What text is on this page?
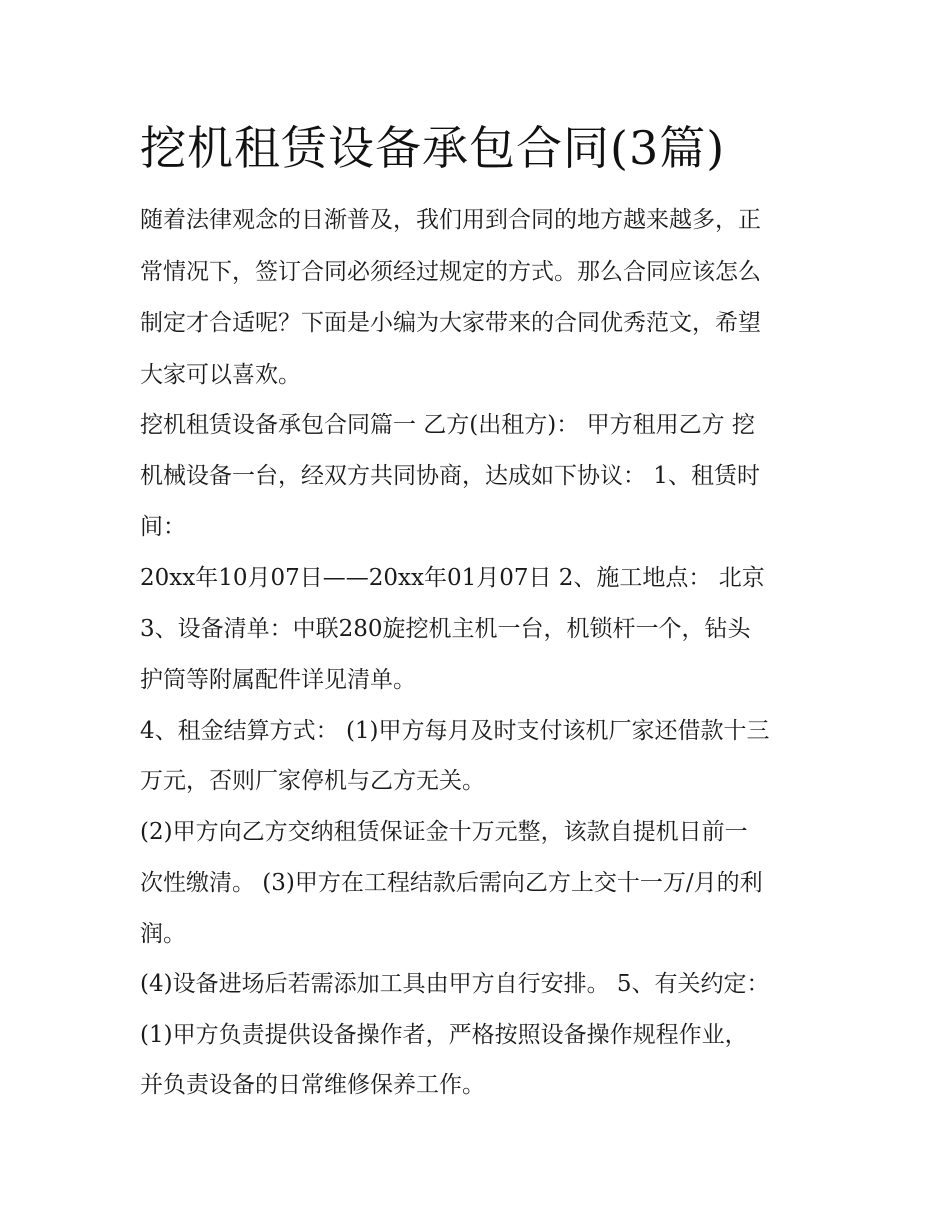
挖机租赁设备承包合同(3篇)
随着法律观念的日渐普及，我们用到合同的地方越来越多，正
常情况下，签订合同必须经过规定的方式。那么合同应该怎么
制定才合适呢？下面是小编为大家带来的合同优秀范文，希望
大家可以喜欢。
挖机租赁设备承包合同篇一 乙方(出租方)： 甲方租用乙方 挖
机械设备一台，经双方共同协商，达成如下协议： 1、租赁时
间：
20xx年10月07日——20xx年01月07日 2、施工地点： 北京
3、设备清单：中联280旋挖机主机一台，机锁杆一个，钻头
护筒等附属配件详见清单。
4、租金结算方式： (1)甲方每月及时支付该机厂家还借款十三
万元，否则厂家停机与乙方无关。
(2)甲方向乙方交纳租赁保证金十万元整，该款自提机日前一
次性缴清。 (3)甲方在工程结款后需向乙方上交十一万/月的利
润。
(4)设备进场后若需添加工具由甲方自行安排。 5、有关约定：
(1)甲方负责提供设备操作者，严格按照设备操作规程作业，
并负责设备的日常维修保养工作。
